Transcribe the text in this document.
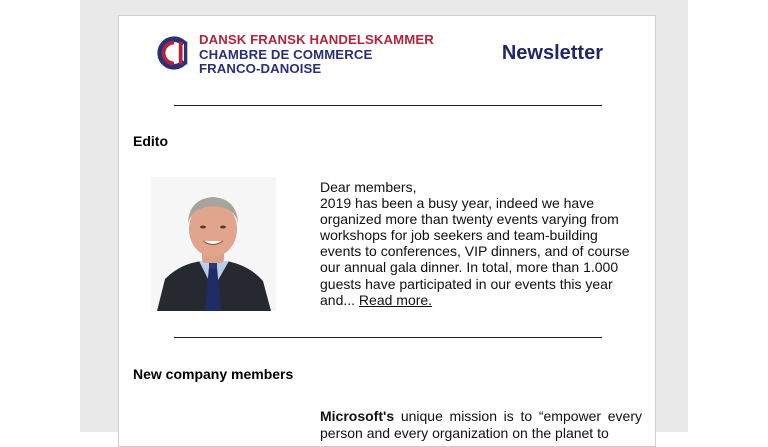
DANSK FRANSK HANDELSKAMMER
CHAMBRE DE COMMERCE
FRANCO-DANOISE
Newsletter
Edito
Dear members,
2019 has been a busy year, indeed we have organized more than twenty events varying from workshops for job seekers and team-building events to conferences, VIP dinners, and of course our annual gala dinner. In total, more than 1.000 guests have participated in our events this year and... Read more.
New company members
Microsoft's unique mission is to “empower every person and every organization on the planet to
